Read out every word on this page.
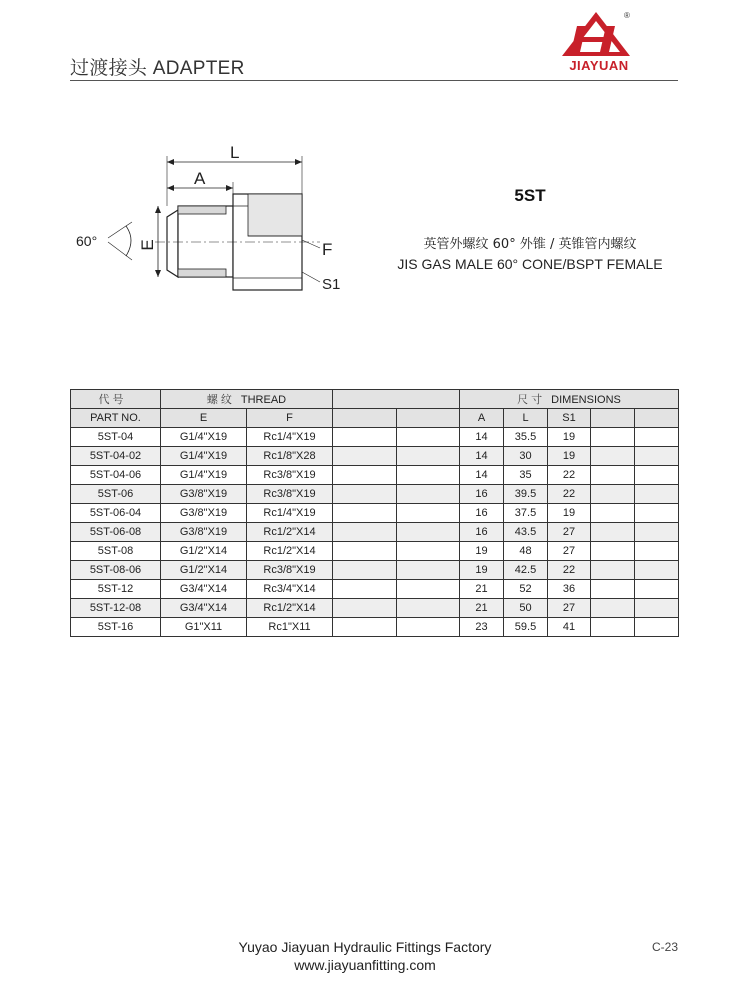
过渡接头 ADAPTER
®
JIAYUAN
L
A
E	F
S1
60°
5ST
英管外螺纹 60° 外锥 / 英锥管内螺纹
JIS GAS MALE 60° CONE/BSPT FEMALE
代号	螺纹 THREAD				尺寸 DIMENSIONS				
PART NO.	E	F			A	L	S1		
5ST-04	G1/4"X19	Rc1/4"X19			14	35.5	19		
5ST-04-02	G1/4"X19	Rc1/8"X28			14	30	19		
5ST-04-06	G1/4"X19	Rc3/8"X19			14	35	22		
5ST-06	G3/8"X19	Rc3/8"X19			16	39.5	22		
5ST-06-04	G3/8"X19	Rc1/4"X19			16	37.5	19		
5ST-06-08	G3/8"X19	Rc1/2"X14			16	43.5	27		
5ST-08	G1/2"X14	Rc1/2"X14			19	48	27		
5ST-08-06	G1/2"X14	Rc3/8"X19			19	42.5	22		
5ST-12	G3/4"X14	Rc3/4"X14			21	52	36		
5ST-12-08	G3/4"X14	Rc1/2"X14			21	50	27		
5ST-16	G1"X11	Rc1"X11			23	59.5	41		
Yuyao Jiayuan Hydraulic Fittings Factory
www.jiayuanfitting.com
C-23
